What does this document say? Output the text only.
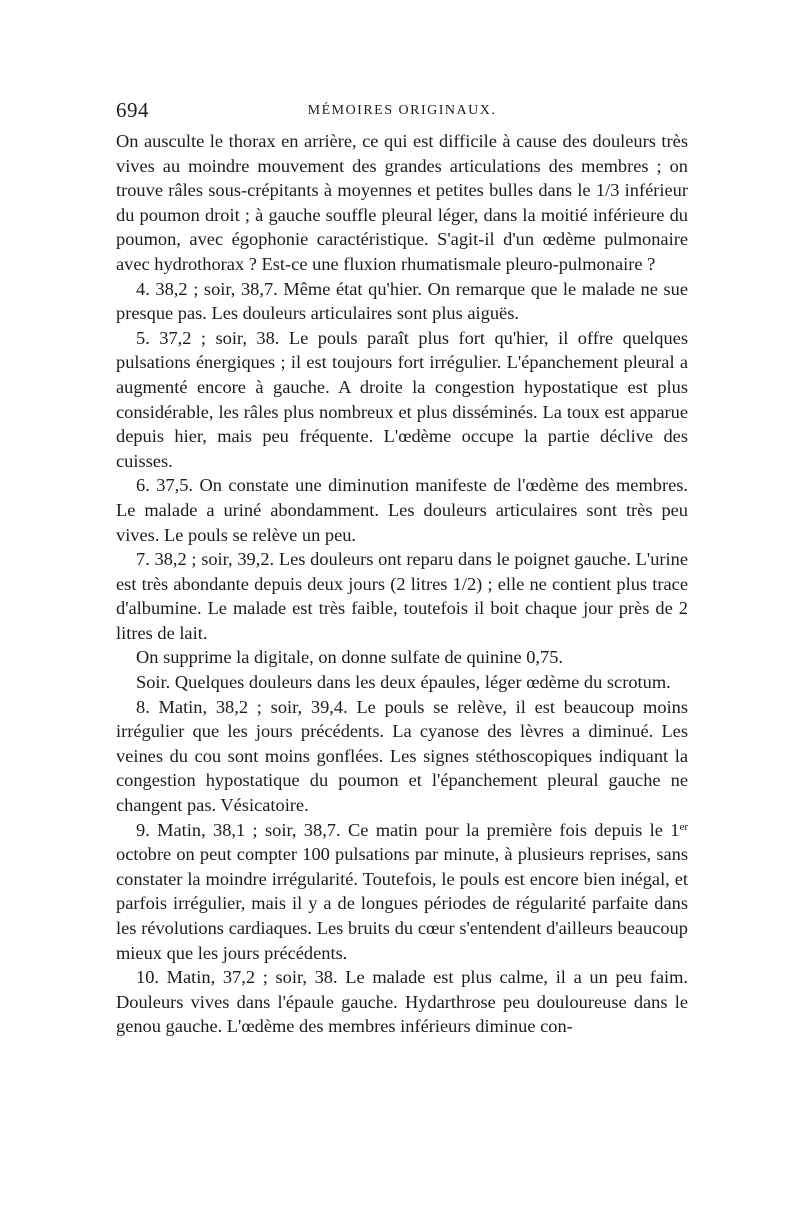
694	MÉMOIRES ORIGINAUX.

On ausculte le thorax en arrière, ce qui est difficile à cause des douleurs très vives au moindre mouvement des grandes articulations des membres ; on trouve râles sous-crépitants à moyennes et petites bulles dans le 1/3 inférieur du poumon droit ; à gauche souffle pleural léger, dans la moitié inférieure du poumon, avec égophonie caractéristique. S'agit-il d'un œdème pulmonaire avec hydrothorax ? Est-ce une fluxion rhumatismale pleuro-pulmonaire ?

4. 38,2 ; soir, 38,7. Même état qu'hier. On remarque que le malade ne sue presque pas. Les douleurs articulaires sont plus aiguës.

5. 37,2 ; soir, 38. Le pouls paraît plus fort qu'hier, il offre quelques pulsations énergiques ; il est toujours fort irrégulier. L'épanchement pleural a augmenté encore à gauche. A droite la congestion hypostatique est plus considérable, les râles plus nombreux et plus disséminés. La toux est apparue depuis hier, mais peu fréquente. L'œdème occupe la partie déclive des cuisses.

6. 37,5. On constate une diminution manifeste de l'œdème des membres. Le malade a uriné abondamment. Les douleurs articulaires sont très peu vives. Le pouls se relève un peu.

7. 38,2 ; soir, 39,2. Les douleurs ont reparu dans le poignet gauche. L'urine est très abondante depuis deux jours (2 litres 1/2) ; elle ne contient plus trace d'albumine. Le malade est très faible, toutefois il boit chaque jour près de 2 litres de lait.

On supprime la digitale, on donne sulfate de quinine 0,75.

Soir. Quelques douleurs dans les deux épaules, léger œdème du scrotum.

8. Matin, 38,2 ; soir, 39,4. Le pouls se relève, il est beaucoup moins irrégulier que les jours précédents. La cyanose des lèvres a diminué. Les veines du cou sont moins gonflées. Les signes stéthoscopiques indiquant la congestion hypostatique du poumon et l'épanchement pleural gauche ne changent pas. Vésicatoire.

9. Matin, 38,1 ; soir, 38,7. Ce matin pour la première fois depuis le 1er octobre on peut compter 100 pulsations par minute, à plusieurs reprises, sans constater la moindre irrégularité. Toutefois, le pouls est encore bien inégal, et parfois irrégulier, mais il y a de longues périodes de régularité parfaite dans les révolutions cardiaques. Les bruits du cœur s'entendent d'ailleurs beaucoup mieux que les jours précédents.

10. Matin, 37,2 ; soir, 38. Le malade est plus calme, il a un peu faim. Douleurs vives dans l'épaule gauche. Hydarthrose peu douloureuse dans le genou gauche. L'œdème des membres inférieurs diminue con-
